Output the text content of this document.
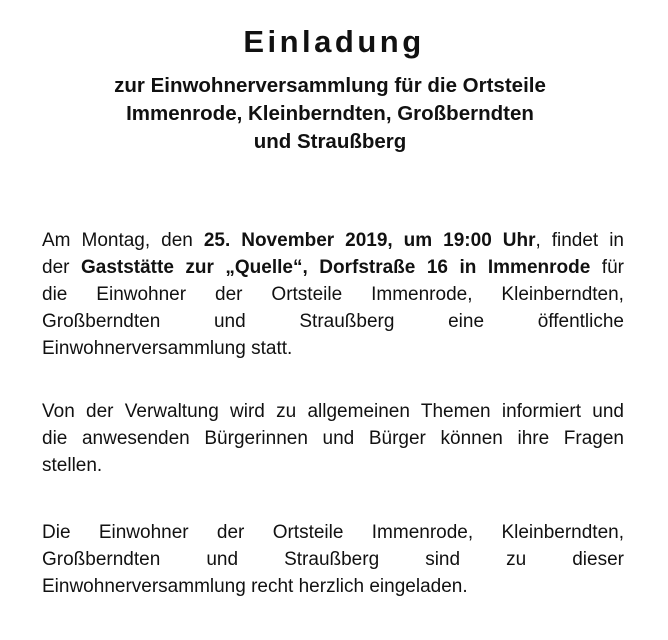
Einladung
zur Einwohnerversammlung für die Ortsteile
Immenrode, Kleinberndten, Großberndten
und Straußberg
Am Montag, den 25. November 2019, um 19:00 Uhr, findet in
der Gaststätte zur „Quelle“, Dorfstraße 16 in Immenrode für
die Einwohner der Ortsteile Immenrode, Kleinberndten,
Großberndten	und	Straußberg	eine	öffentliche
Einwohnerversammlung statt.
Von der Verwaltung wird zu allgemeinen Themen informiert und
die anwesenden Bürgerinnen und Bürger können ihre Fragen
stellen.
Die Einwohner der Ortsteile Immenrode, Kleinberndten,
Großberndten und Straußberg sind zu dieser
Einwohnerversammlung recht herzlich eingeladen.
